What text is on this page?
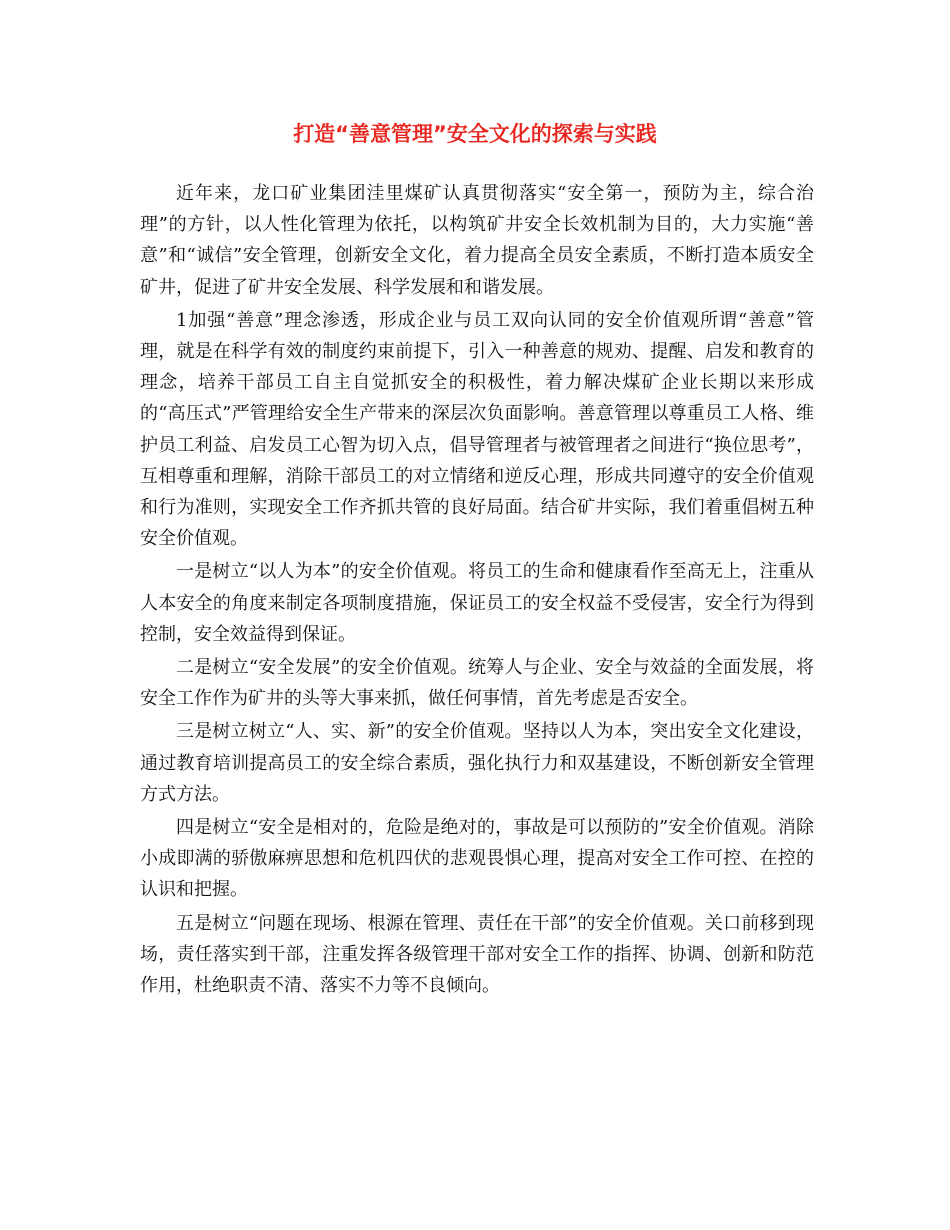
打造“善意管理”安全文化的探索与实践

近年来，龙口矿业集团洼里煤矿认真贯彻落实“安全第一，预防为主，综合治理”的方针，以人性化管理为依托，以构筑矿井安全长效机制为目的，大力实施“善意”和“诚信”安全管理，创新安全文化，着力提高全员安全素质，不断打造本质安全矿井，促进了矿井安全发展、科学发展和和谐发展。

1加强“善意”理念渗透，形成企业与员工双向认同的安全价值观所谓“善意”管理，就是在科学有效的制度约束前提下，引入一种善意的规劝、提醒、启发和教育的理念，培养干部员工自主自觉抓安全的积极性，着力解决煤矿企业长期以来形成的“高压式”严管理给安全生产带来的深层次负面影响。善意管理以尊重员工人格、维护员工利益、启发员工心智为切入点，倡导管理者与被管理者之间进行“换位思考”，互相尊重和理解，消除干部员工的对立情绪和逆反心理，形成共同遵守的安全价值观和行为准则，实现安全工作齐抓共管的良好局面。结合矿井实际，我们着重倡树五种安全价值观。

一是树立“以人为本”的安全价值观。将员工的生命和健康看作至高无上，注重从人本安全的角度来制定各项制度措施，保证员工的安全权益不受侵害，安全行为得到控制，安全效益得到保证。

二是树立“安全发展”的安全价值观。统筹人与企业、安全与效益的全面发展，将安全工作作为矿井的头等大事来抓，做任何事情，首先考虑是否安全。

三是树立树立“人、实、新”的安全价值观。坚持以人为本，突出安全文化建设，通过教育培训提高员工的安全综合素质，强化执行力和双基建设，不断创新安全管理方式方法。

四是树立“安全是相对的，危险是绝对的，事故是可以预防的”安全价值观。消除小成即满的骄傲麻痹思想和危机四伏的悲观畏惧心理，提高对安全工作可控、在控的认识和把握。

五是树立“问题在现场、根源在管理、责任在干部”的安全价值观。关口前移到现场，责任落实到干部，注重发挥各级管理干部对安全工作的指挥、协调、创新和防范作用，杜绝职责不清、落实不力等不良倾向。
